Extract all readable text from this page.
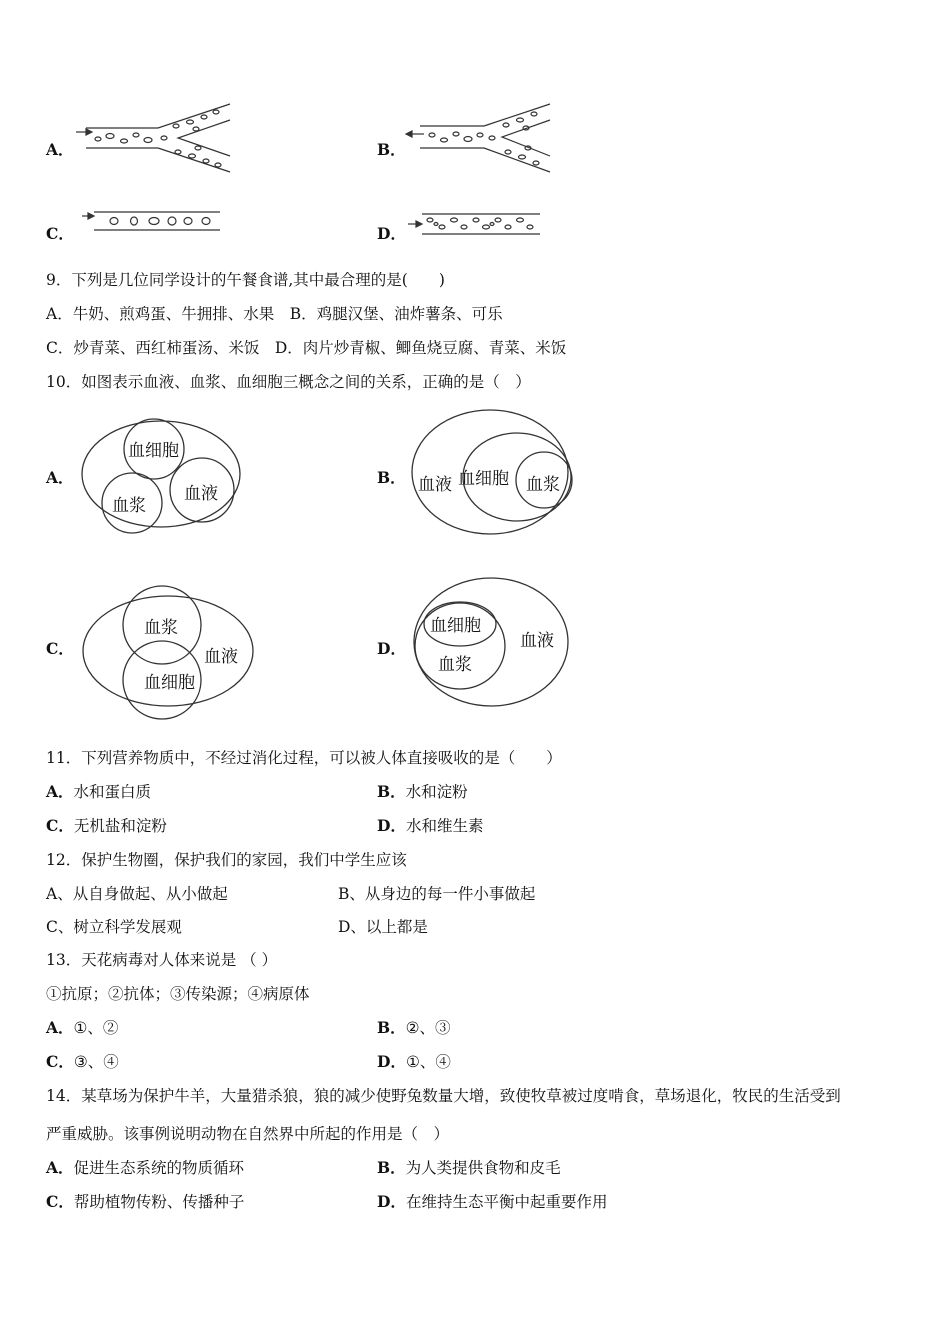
A．	B．
C．	D．
9．下列是几位同学设计的午餐食谱,其中最合理的是(　　)
A．牛奶、煎鸡蛋、牛拥排、水果　B．鸡腿汉堡、油炸薯条、可乐
C．炒青菜、西红柿蛋汤、米饭　D．肉片炒青椒、鲫鱼烧豆腐、青菜、米饭
10．如图表示血液、血浆、血细胞三概念之间的关系，正确的是（　）
A．
血细胞
血浆
血液
B． 血液 血细胞 血浆
C．
血浆
血液
血细胞
D．
血细胞
血浆
血液
11．下列营养物质中，不经过消化过程，可以被人体直接吸收的是（　　）
A．水和蛋白质	B．水和淀粉
C．无机盐和淀粉	D．水和维生素
12．保护生物圈，保护我们的家园，我们中学生应该
A、从自身做起、从小做起	B、从身边的每一件小事做起
C、树立科学发展观	D、以上都是
13．天花病毒对人体来说是 （ ）
①抗原；②抗体；③传染源；④病原体
A．①、②	B．②、③
C．③、④	D．①、④
14．某草场为保护牛羊，大量猎杀狼，狼的减少使野兔数量大增，致使牧草被过度啃食，草场退化，牧民的生活受到
严重威胁。该事例说明动物在自然界中所起的作用是（　）
A．促进生态系统的物质循环	B．为人类提供食物和皮毛
C．帮助植物传粉、传播种子	D．在维持生态平衡中起重要作用
